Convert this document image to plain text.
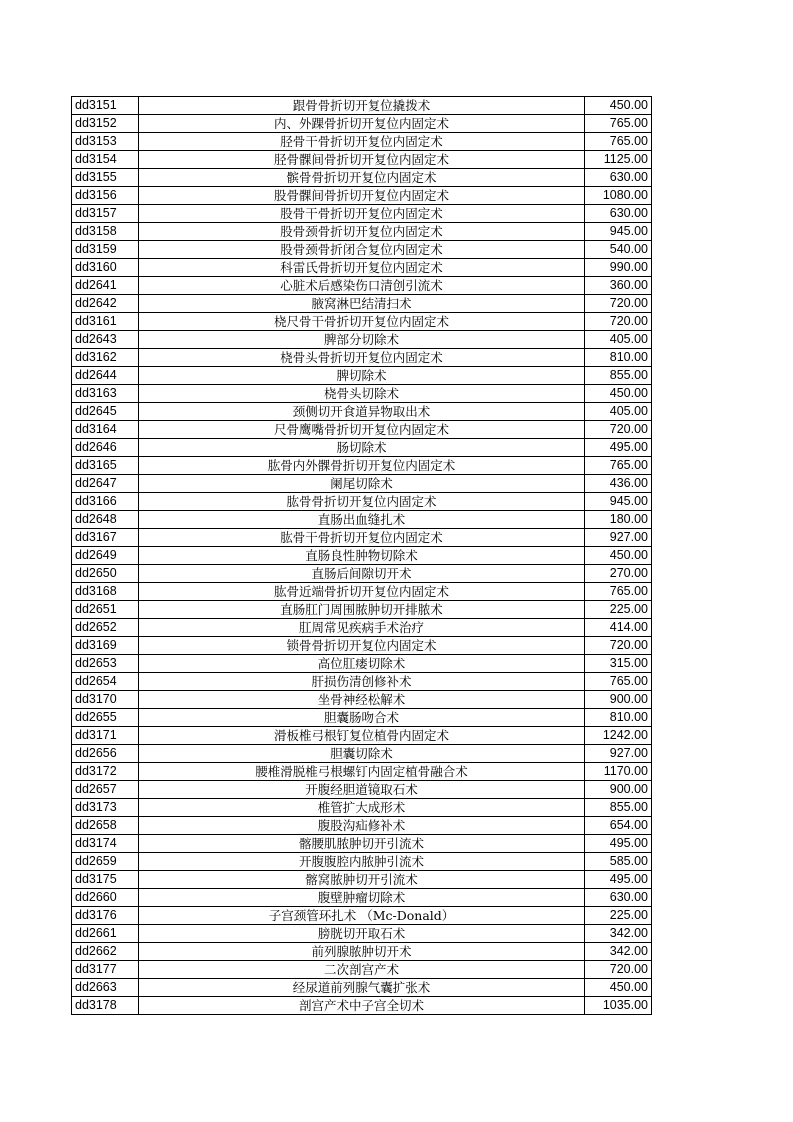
dd3151	跟骨骨折切开复位撬拨术	450.00
dd3152	内、外踝骨折切开复位内固定术	765.00
dd3153	胫骨干骨折切开复位内固定术	765.00
dd3154	胫骨髁间骨折切开复位内固定术	1125.00
dd3155	髌骨骨折切开复位内固定术	630.00
dd3156	股骨髁间骨折切开复位内固定术	1080.00
dd3157	股骨干骨折切开复位内固定术	630.00
dd3158	股骨颈骨折切开复位内固定术	945.00
dd3159	股骨颈骨折闭合复位内固定术	540.00
dd3160	科雷氏骨折切开复位内固定术	990.00
dd2641	心脏术后感染伤口清创引流术	360.00
dd2642	腋窝淋巴结清扫术	720.00
dd3161	桡尺骨干骨折切开复位内固定术	720.00
dd2643	脾部分切除术	405.00
dd3162	桡骨头骨折切开复位内固定术	810.00
dd2644	脾切除术	855.00
dd3163	桡骨头切除术	450.00
dd2645	颈侧切开食道异物取出术	405.00
dd3164	尺骨鹰嘴骨折切开复位内固定术	720.00
dd2646	肠切除术	495.00
dd3165	肱骨内外髁骨折切开复位内固定术	765.00
dd2647	阑尾切除术	436.00
dd3166	肱骨骨折切开复位内固定术	945.00
dd2648	直肠出血缝扎术	180.00
dd3167	肱骨干骨折切开复位内固定术	927.00
dd2649	直肠良性肿物切除术	450.00
dd2650	直肠后间隙切开术	270.00
dd3168	肱骨近端骨折切开复位内固定术	765.00
dd2651	直肠肛门周围脓肿切开排脓术	225.00
dd2652	肛周常见疾病手术治疗	414.00
dd3169	锁骨骨折切开复位内固定术	720.00
dd2653	高位肛瘘切除术	315.00
dd2654	肝损伤清创修补术	765.00
dd3170	坐骨神经松解术	900.00
dd2655	胆囊肠吻合术	810.00
dd3171	滑板椎弓根钉复位植骨内固定术	1242.00
dd2656	胆囊切除术	927.00
dd3172	腰椎滑脱椎弓根螺钉内固定植骨融合术	1170.00
dd2657	开腹经胆道镜取石术	900.00
dd3173	椎管扩大成形术	855.00
dd2658	腹股沟疝修补术	654.00
dd3174	髂腰肌脓肿切开引流术	495.00
dd2659	开腹腹腔内脓肿引流术	585.00
dd3175	髂窝脓肿切开引流术	495.00
dd2660	腹壁肿瘤切除术	630.00
dd3176	子宫颈管环扎术 （Mc-Donald）	225.00
dd2661	膀胱切开取石术	342.00
dd2662	前列腺脓肿切开术	342.00
dd3177	二次剖宫产术	720.00
dd2663	经尿道前列腺气囊扩张术	450.00
dd3178	剖宫产术中子宫全切术	1035.00
